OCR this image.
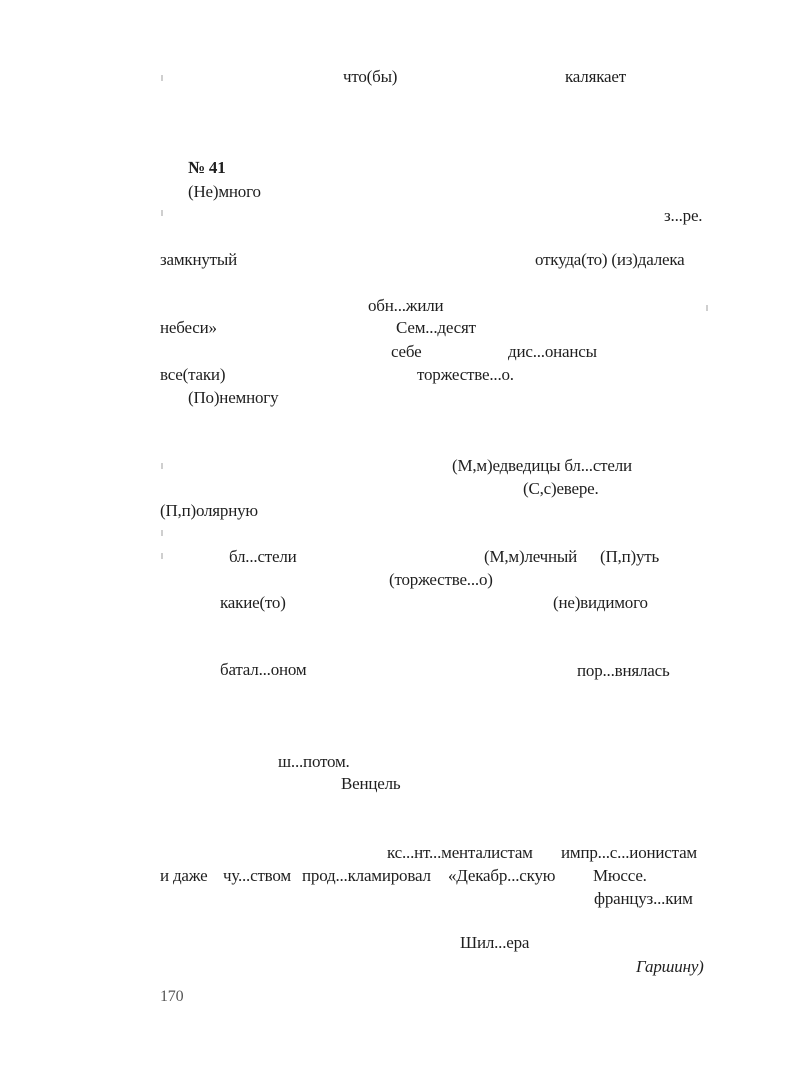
что(бы)	калякает
№ 41
(Не)много
з...ре.
замкнутый	откуда(то) (из)далека
обн...жили
небеси»	Сем...десят
себе	дис...онансы
все(таки)	торжестве...о.
(По)немногу
(М,м)едведицы бл...стели
(С,с)евере.
(П,п)олярную
бл...стели	(М,м)лечный (П,п)уть
(торжестве...о)
какие(то)	(не)видимого
батал...оном	пор...внялась
ш...потом.
Венцель
кс...нт...менталистам импр...с...ионистам
и даже чу...ством прод...кламировал «Декабр...скую Мюссе.
француз...ким
Шил...ера
Гаршину)
170
